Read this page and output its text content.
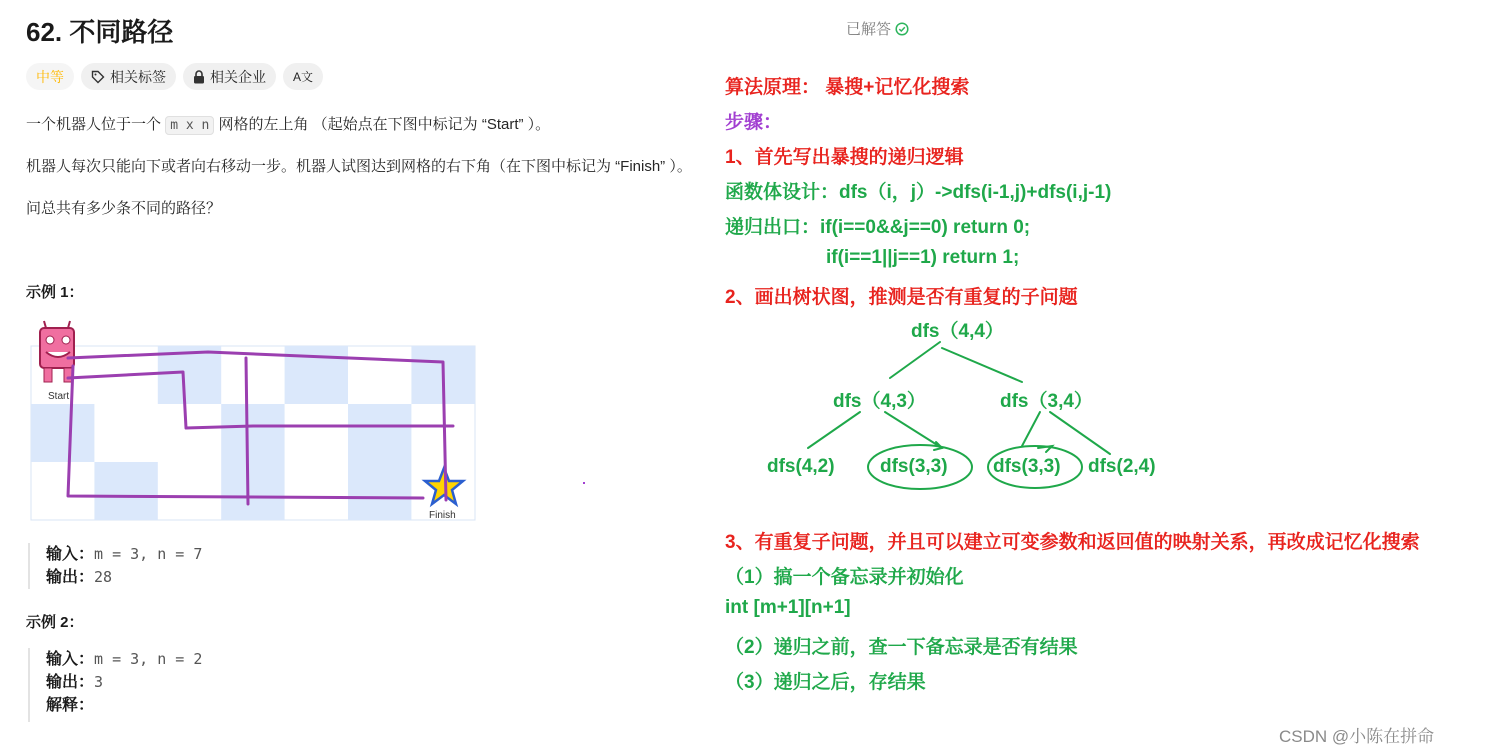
62. 不同路径	已解答
中等	相关标签	相关企业 A文
一个机器人位于一个 m x n 网格的左上角 （起始点在下图中标记为 “Start” ）。
机器人每次只能向下或者向右移动一步。机器人试图达到网格的右下角（在下图中标记为 “Finish” ）。
问总共有多少条不同的路径？
示例 1：
Start
Finish
输入：m = 3, n = 7
输出：28
示例 2：
输入：m = 3, n = 2
输出：3
解释：
算法原理： 暴搜+记忆化搜索
步骤：
1、首先写出暴搜的递归逻辑
函数体设计：dfs（i，j）->dfs(i-1,j)+dfs(i,j-1)
递归出口：if(i==0&&j==0) return 0;
if(i==1||j==1) return 1;
2、画出树状图，推测是否有重复的子问题
dfs（4,4）
dfs（4,3）	dfs（3,4）
dfs(4,2) dfs(3,3) dfs(3,3) dfs(2,4)
3、有重复子问题，并且可以建立可变参数和返回值的映射关系，再改成记忆化搜索
（1）搞一个备忘录并初始化
int [m+1][n+1]
（2）递归之前，查一下备忘录是否有结果
（3）递归之后，存结果
CSDN @​​小陈在拼命​​
